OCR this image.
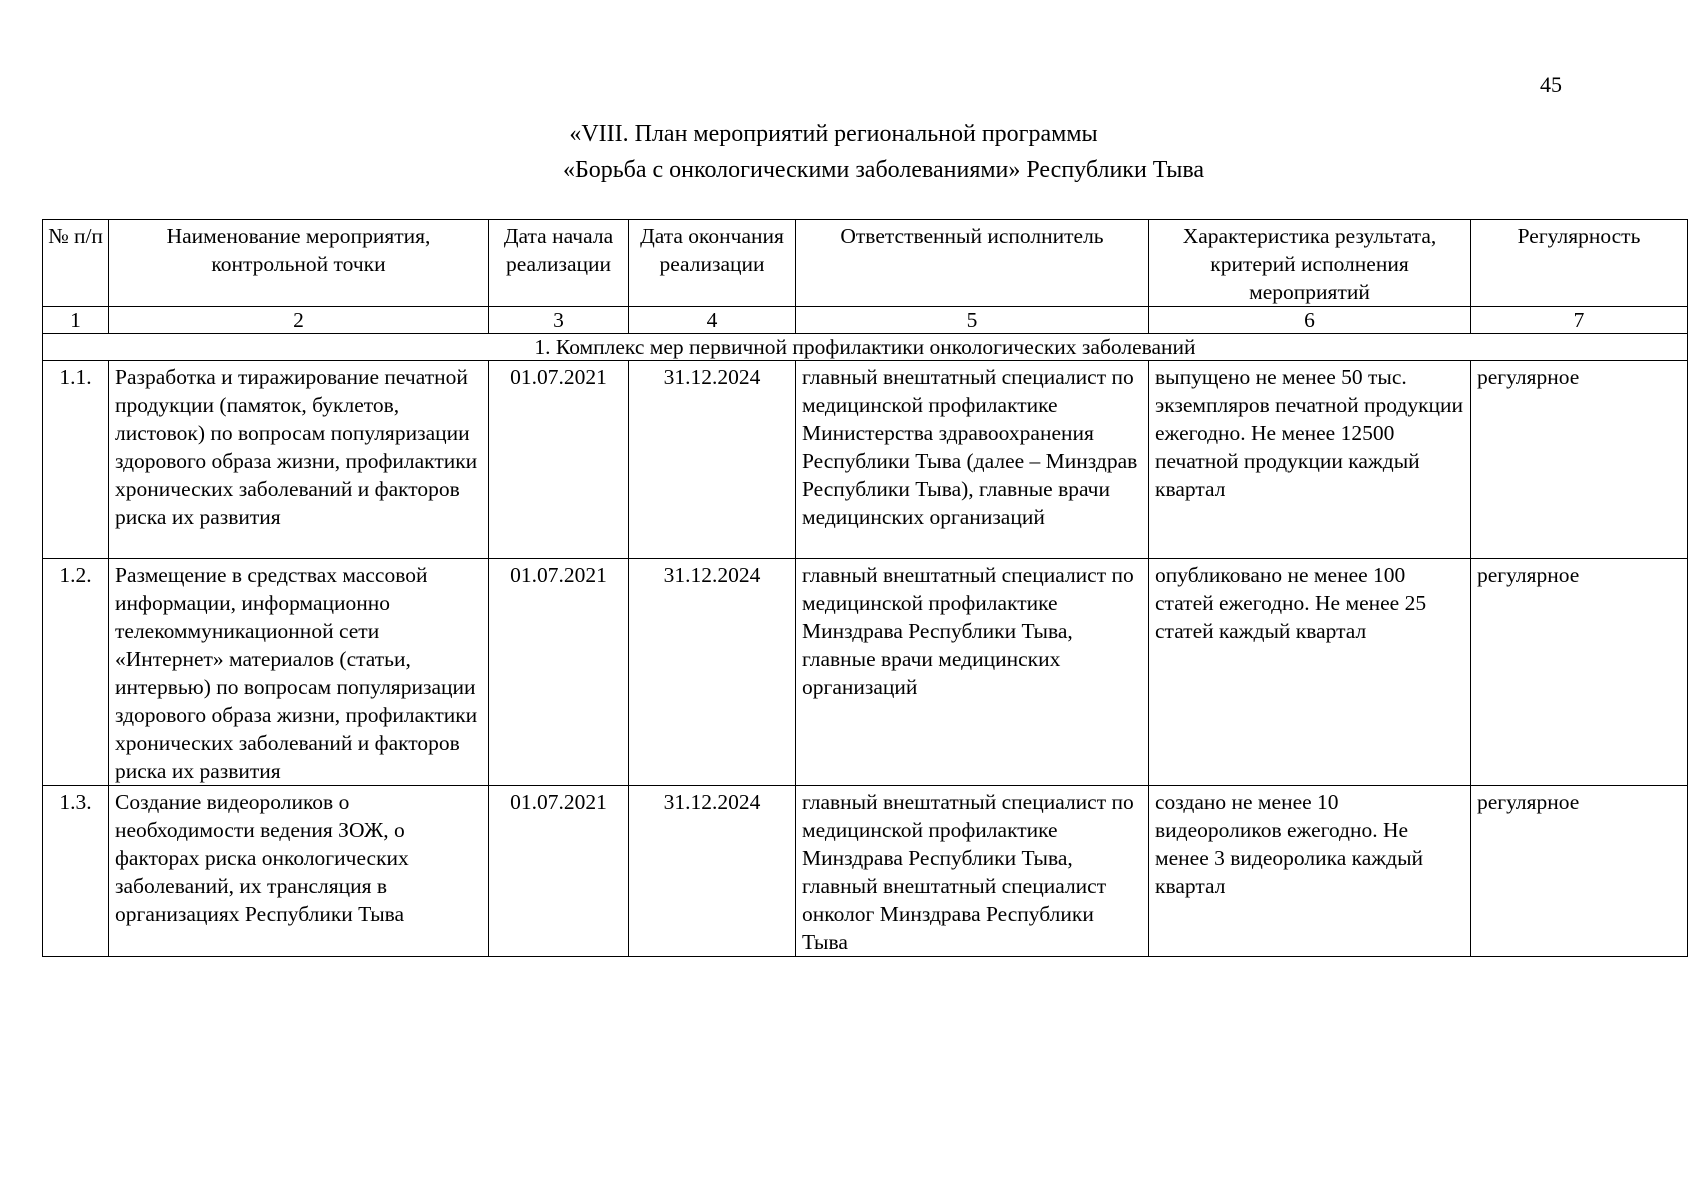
45
«VIII. План мероприятий региональной программы
«Борьба с онкологическими заболеваниями» Республики Тыва
№ п/п	Наименование мероприятия, контрольной точки	Дата начала реализации	Дата окончания реализации	Ответственный исполнитель	Характеристика результата, критерий исполнения мероприятий	Регулярность
1	2	3	4	5	6	7
1. Комплекс мер первичной профилактики онкологических заболеваний						
1.1.	Разработка и тиражирование печатной продукции (памяток, буклетов, листовок) по вопросам популяризации здорового образа жизни, профилактики хронических заболеваний и факторов риска их развития	01.07.2021	31.12.2024	главный внештатный специалист по медицинской профилактике Министерства здравоохранения Республики Тыва (далее – Минздрав Республики Тыва), главные врачи медицинских организаций	выпущено не менее 50 тыс. экземпляров печатной продукции ежегодно. Не менее 12500 печатной продукции каждый квартал	регулярное
1.2.	Размещение в средствах массовой информации, информационно телекоммуникационной сети «Интернет» материалов (статьи, интервью) по вопросам популяризации здорового образа жизни, профилактики хронических заболеваний и факторов риска их развития	01.07.2021	31.12.2024	главный внештатный специалист по медицинской профилактике Минздрава Республики Тыва, главные врачи медицинских организаций	опубликовано не менее 100 статей ежегодно. Не менее 25 статей каждый квартал	регулярное
1.3.	Создание видеороликов о необходимости ведения ЗОЖ, о факторах риска онкологических заболеваний, их трансляция в организациях Республики Тыва	01.07.2021	31.12.2024	главный внештатный специалист по медицинской профилактике Минздрава Республики Тыва, главный внештатный специалист онколог Минздрава Республики Тыва	создано не менее 10 видеороликов ежегодно. Не менее 3 видеоролика каждый квартал	регулярное
